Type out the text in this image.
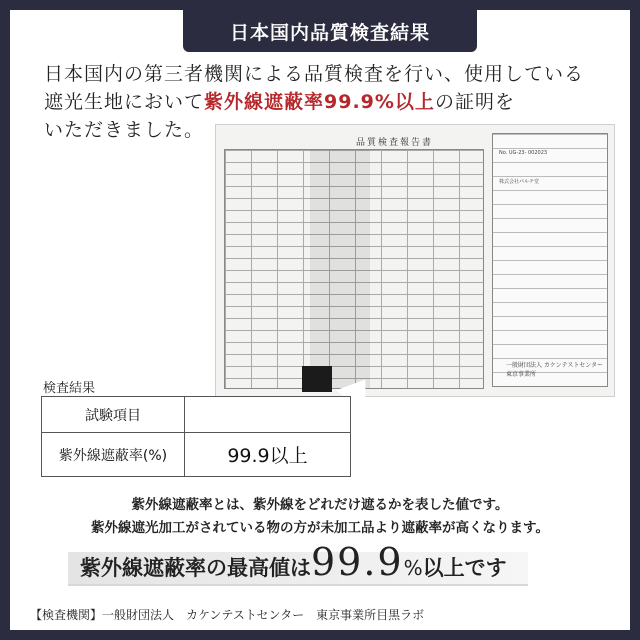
日本国内品質検査結果
日本国内の第三者機関による品質検査を行い、使用している
遮光生地において紫外線遮蔽率99.9%以上の証明を
いただきました。
品質検査報告書
No. UG-23- 002023
株式会社パルチ堂
一般財団法人 カケンテストセンター
東京事業所
検査結果
試験項目	
紫外線遮蔽率(%)	99.9以上
紫外線遮蔽率とは、紫外線をどれだけ遮るかを表した値です。
紫外線遮光加工がされている物の方が未加工品より遮蔽率が高くなります。
紫外線遮蔽率の最高値は99.9%以上です
【検査機関】一般財団法人　カケンテストセンター　東京事業所目黒ラボ
